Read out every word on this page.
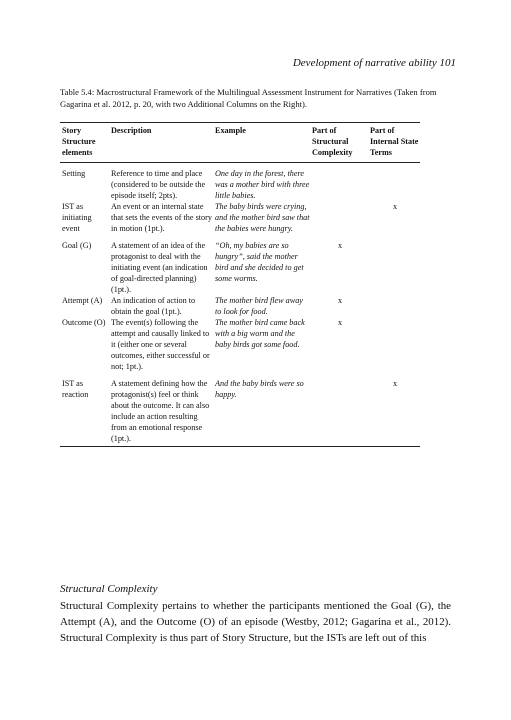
Development of narrative ability 101
Table 5.4: Macrostructural Framework of the Multilingual Assessment Instrument for Narratives (Taken from Gagarina et al. 2012, p. 20, with two Additional Columns on the Right).
Story Structure elements	Description	Example	Part of Structural Complexity	Part of Internal State Terms
Setting	Reference to time and place (considered to be outside the episode itself; 2pts).	One day in the forest, there was a mother bird with three little babies.		
IST as initiating event	An event or an internal state that sets the events of the story in motion (1pt.).	The baby birds were crying, and the mother bird saw that the babies were hungry.		x
Goal (G)	A statement of an idea of the protagonist to deal with the initiating event (an indication of goal-directed planning) (1pt.).	“Oh, my babies are so hungry”, said the mother bird and she decided to get some worms.	x	
Attempt (A)	An indication of action to obtain the goal (1pt.).	The mother bird flew away to look for food.	x	
Outcome (O)	The event(s) following the attempt and causally linked to it (either one or several outcomes, either successful or not; 1pt.).	The mother bird came back with a big worm and the baby birds got some food.	x	
IST as reaction	A statement defining how the protagonist(s) feel or think about the outcome. It can also include an action resulting from an emotional response (1pt.).	And the baby birds were so happy.		x
Structural Complexity
Structural Complexity pertains to whether the participants mentioned the Goal (G), the Attempt (A), and the Outcome (O) of an episode (Westby, 2012; Gagarina et al., 2012). Structural Complexity is thus part of Story Structure, but the ISTs are left out of this
